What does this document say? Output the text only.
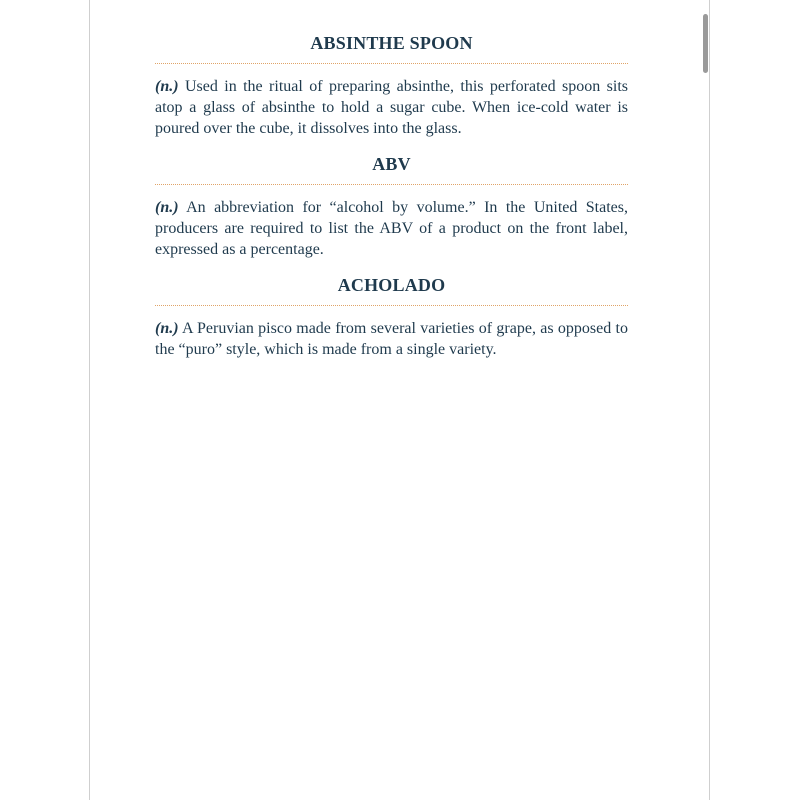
ABSINTHE SPOON

(n.) Used in the ritual of preparing absinthe, this perforated spoon sits atop a glass of absinthe to hold a sugar cube. When ice-cold water is poured over the cube, it dissolves into the glass.

ABV

(n.) An abbreviation for “alcohol by volume.” In the United States, producers are required to list the ABV of a product on the front label, expressed as a percentage.

ACHOLADO

(n.) A Peruvian pisco made from several varieties of grape, as opposed to the “puro” style, which is made from a single variety.
